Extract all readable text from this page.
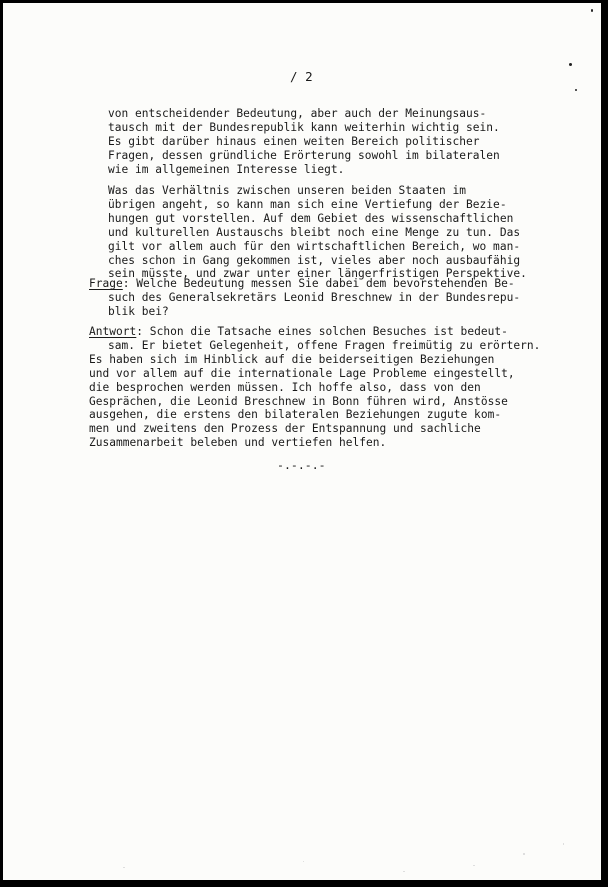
/ 2
von entscheidender Bedeutung, aber auch der Meinungsaus-
tausch mit der Bundesrepublik kann weiterhin wichtig sein.
Es gibt darüber hinaus einen weiten Bereich politischer
Fragen, dessen gründliche Erörterung sowohl im bilateralen
wie im allgemeinen Interesse liegt.
Was das Verhältnis zwischen unseren beiden Staaten im
übrigen angeht, so kann man sich eine Vertiefung der Bezie-
hungen gut vorstellen. Auf dem Gebiet des wissenschaftlichen
und kulturellen Austauschs bleibt noch eine Menge zu tun. Das
gilt vor allem auch für den wirtschaftlichen Bereich, wo man-
ches schon in Gang gekommen ist, vieles aber noch ausbaufähig
sein müsste, und zwar unter einer längerfristigen Perspektive.
Frage: Welche Bedeutung messen Sie dabei dem bevorstehenden Be-
such des Generalsekretärs Leonid Breschnew in der Bundesrepu-
blik bei?
Antwort: Schon die Tatsache eines solchen Besuches ist bedeut-
sam. Er bietet Gelegenheit, offene Fragen freimütig zu erörtern.
Es haben sich im Hinblick auf die beiderseitigen Beziehungen
und vor allem auf die internationale Lage Probleme eingestellt,
die besprochen werden müssen. Ich hoffe also, dass von den
Gesprächen, die Leonid Breschnew in Bonn führen wird, Anstösse
ausgehen, die erstens den bilateralen Beziehungen zugute kom-
men und zweitens den Prozess der Entspannung und sachliche
Zusammenarbeit beleben und vertiefen helfen.
-.-.-.-
